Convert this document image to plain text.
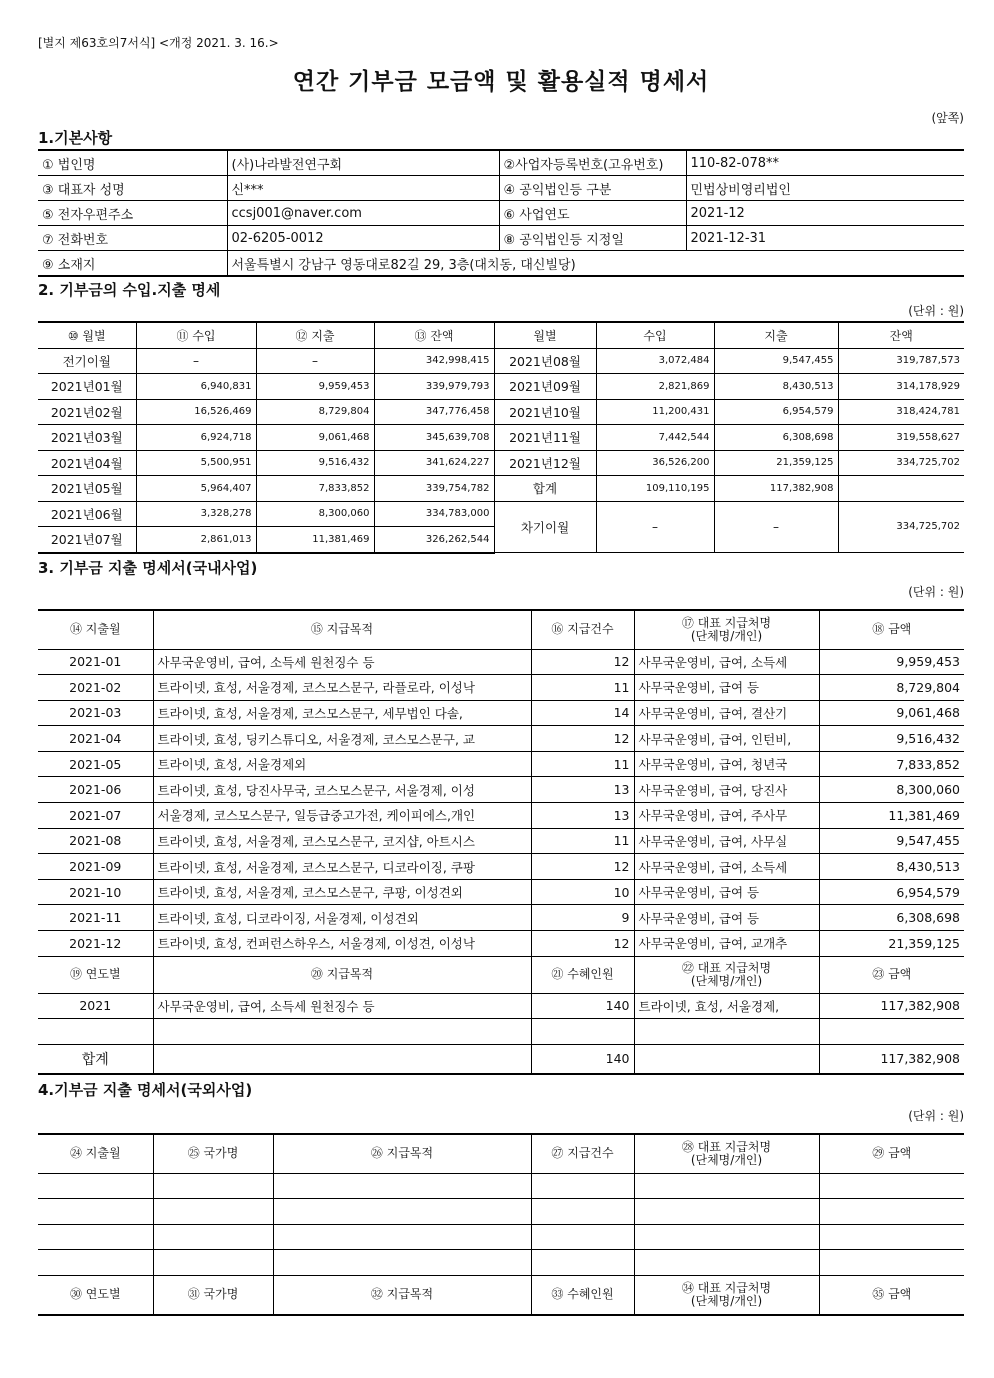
[별지 제63호의7서식] <개정 2021. 3. 16.>
연간 기부금 모금액 및 활용실적 명세서
(앞쪽)
1.기본사항
① 법인명	(사)나라발전연구회	②사업자등록번호(고유번호)	110-82-078**
③ 대표자 성명	신***	④ 공익법인등 구분	민법상비영리법인
⑤ 전자우편주소	ccsj001@naver.com	⑥ 사업연도	2021-12
⑦ 전화번호	02-6205-0012	⑧ 공익법인등 지정일	2021-12-31
⑨ 소재지	서울특별시 강남구 영동대로82길 29, 3층(대치동, 대신빌당)		
2. 기부금의 수입.지출 명세
(단위 : 원)
⑩ 월별	⑪ 수입	⑫ 지출	⑬ 잔액	월별	수입	지출	잔액
전기이월	–	–	342,998,415	2021년08월	3,072,484	9,547,455	319,787,573
2021년01월	6,940,831	9,959,453	339,979,793	2021년09월	2,821,869	8,430,513	314,178,929
2021년02월	16,526,469	8,729,804	347,776,458	2021년10월	11,200,431	6,954,579	318,424,781
2021년03월	6,924,718	9,061,468	345,639,708	2021년11월	7,442,544	6,308,698	319,558,627
2021년04월	5,500,951	9,516,432	341,624,227	2021년12월	36,526,200	21,359,125	334,725,702
2021년05월	5,964,407	7,833,852	339,754,782	합계	109,110,195	117,382,908	
2021년06월	3,328,278	8,300,060	334,783,000	차기이월	–	–	334,725,702
2021년07월	2,861,013	11,381,469	326,262,544				
3. 기부금 지출 명세서(국내사업)
(단위 : 원)
⑭ 지출월	⑮ 지급목적	⑯ 지급건수	⑰ 대표 지급처명
(단체명/개인)	⑱ 금액
2021-01	사무국운영비, 급여, 소득세 원천징수 등	12	사무국운영비, 급여, 소득세	9,959,453
2021-02	트라이넷, 효성, 서울경제, 코스모스문구, 라플로라, 이성낙	11	사무국운영비, 급여 등	8,729,804
2021-03	트라이넷, 효성, 서울경제, 코스모스문구, 세무법인 다솔,	14	사무국운영비, 급여, 결산기	9,061,468
2021-04	트라이넷, 효성, 딩키스튜디오, 서울경제, 코스모스문구, 교	12	사무국운영비, 급여, 인턴비,	9,516,432
2021-05	트라이넷, 효성, 서울경제외	11	사무국운영비, 급여, 청년국	7,833,852
2021-06	트라이넷, 효성, 당진사무국, 코스모스문구, 서울경제, 이성	13	사무국운영비, 급여, 당진사	8,300,060
2021-07	서울경제, 코스모스문구, 일등급중고가전, 케이피에스,개인	13	사무국운영비, 급여, 주사무	11,381,469
2021-08	트라이넷, 효성, 서울경제, 코스모스문구, 코지샵, 아트시스	11	사무국운영비, 급여, 사무실	9,547,455
2021-09	트라이넷, 효성, 서울경제, 코스모스문구, 디코라이징, 쿠팡	12	사무국운영비, 급여, 소득세	8,430,513
2021-10	트라이넷, 효성, 서울경제, 코스모스문구, 쿠팡, 이성견외	10	사무국운영비, 급여 등	6,954,579
2021-11	트라이넷, 효성, 디코라이징, 서울경제, 이성견외	9	사무국운영비, 급여 등	6,308,698
2021-12	트라이넷, 효성, 컨퍼런스하우스, 서울경제, 이성견, 이성낙	12	사무국운영비, 급여, 교개추	21,359,125
⑲ 연도별	⑳ 지급목적	㉑ 수혜인원	㉒ 대표 지급처명
(단체명/개인)	㉓ 금액
2021	사무국운영비, 급여, 소득세 원천징수 등	140	트라이넷, 효성, 서울경제,	117,382,908

합계		140		117,382,908
4.기부금 지출 명세서(국외사업)
(단위 : 원)
㉔ 지출월	㉕ 국가명	㉖ 지급목적	㉗ 지급건수	㉘ 대표 지급처명
(단체명/개인)	㉙ 금액

㉚ 연도별	㉛ 국가명	㉜ 지급목적	㉝ 수혜인원	㉞ 대표 지급처명
(단체명/개인)	㉟ 금액
